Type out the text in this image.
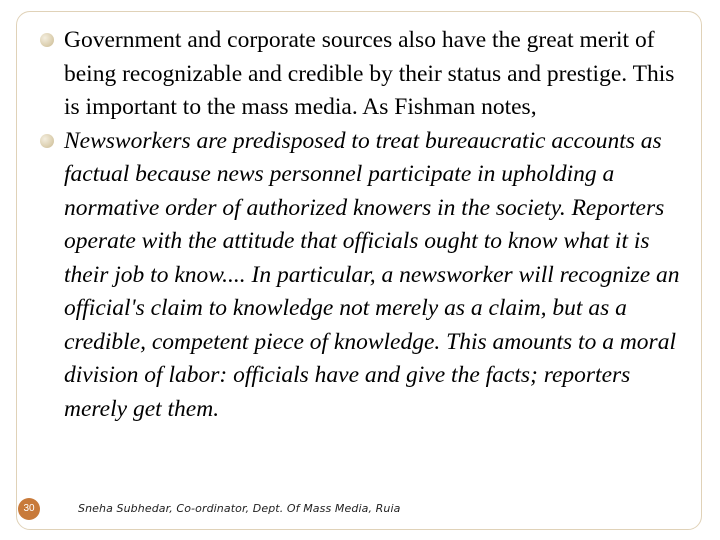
Government and corporate sources also have the great merit of being recognizable and credible by their status and prestige. This is important to the mass media. As Fishman notes,
Newsworkers are predisposed to treat bureaucratic accounts as factual because news personnel participate in upholding a normative order of authorized knowers in the society. Reporters operate with the attitude that officials ought to know what it is their job to know.... In particular, a newsworker will recognize an official's claim to knowledge not merely as a claim, but as a credible, competent piece of knowledge. This amounts to a moral division of labor: officials have and give the facts; reporters merely get them.
30	Sneha Subhedar, Co-ordinator, Dept. Of Mass Media, Ruia
